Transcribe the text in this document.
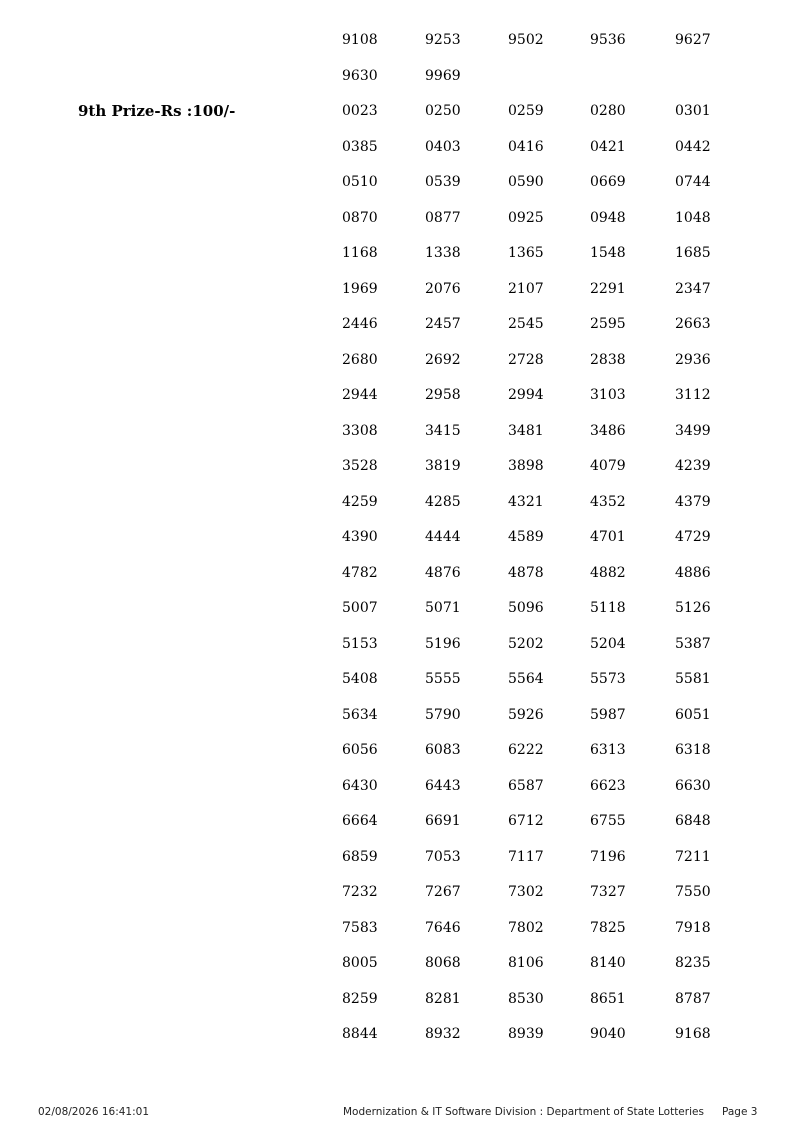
9th Prize-Rs :100/-
9108	9253	9502	9536	9627
9630	9969
0023	0250	0259	0280	0301
0385	0403	0416	0421	0442
0510	0539	0590	0669	0744
0870	0877	0925	0948	1048
1168	1338	1365	1548	1685
1969	2076	2107	2291	2347
2446	2457	2545	2595	2663
2680	2692	2728	2838	2936
2944	2958	2994	3103	3112
3308	3415	3481	3486	3499
3528	3819	3898	4079	4239
4259	4285	4321	4352	4379
4390	4444	4589	4701	4729
4782	4876	4878	4882	4886
5007	5071	5096	5118	5126
5153	5196	5202	5204	5387
5408	5555	5564	5573	5581
5634	5790	5926	5987	6051
6056	6083	6222	6313	6318
6430	6443	6587	6623	6630
6664	6691	6712	6755	6848
6859	7053	7117	7196	7211
7232	7267	7302	7327	7550
7583	7646	7802	7825	7918
8005	8068	8106	8140	8235
8259	8281	8530	8651	8787
8844	8932	8939	9040	9168
02/08/2026 16:41:01	Modernization & IT Software Division : Department of State Lotteries Page 3
